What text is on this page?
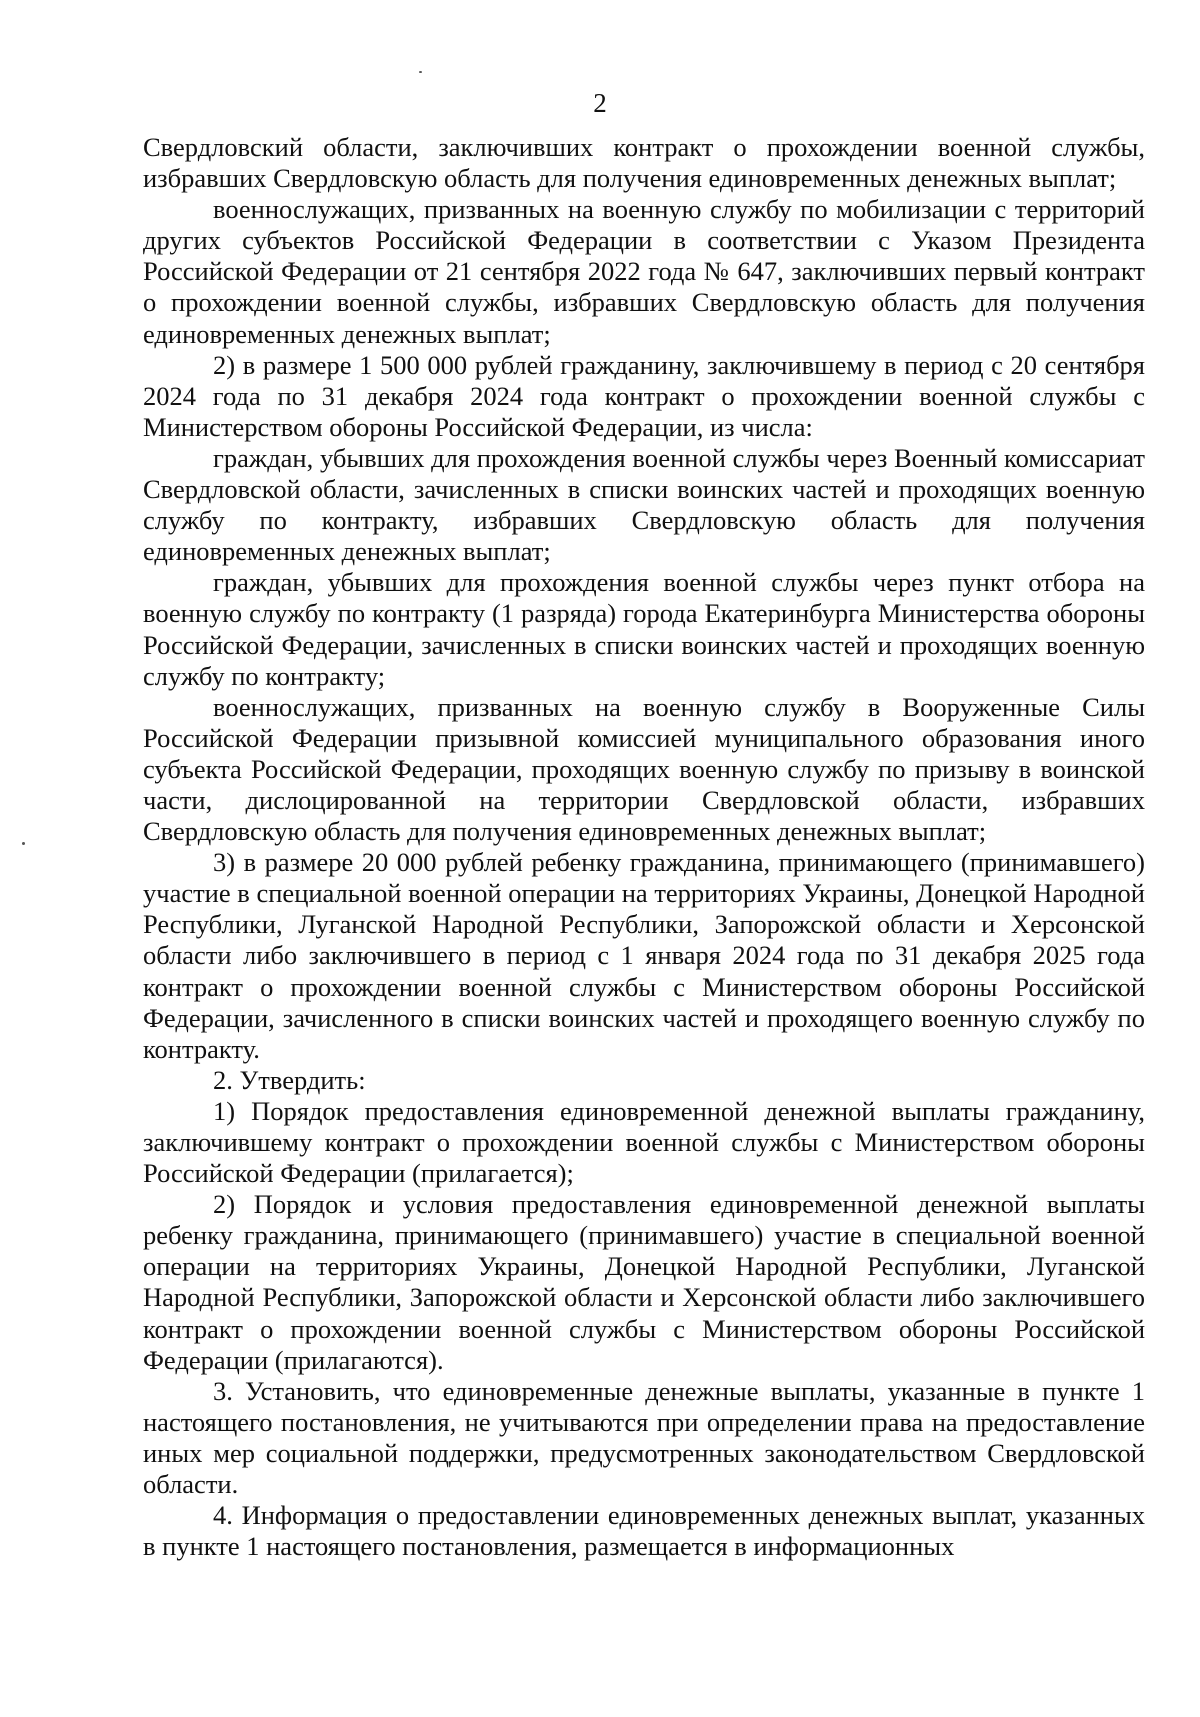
2

Свердловский области, заключивших контракт о прохождении военной службы, избравших Свердловскую область для получения единовременных денежных выплат;

военнослужащих, призванных на военную службу по мобилизации с территорий других субъектов Российской Федерации в соответствии с Указом Президента Российской Федерации от 21 сентября 2022 года № 647, заключивших первый контракт о прохождении военной службы, избравших Свердловскую область для получения единовременных денежных выплат;

2) в размере 1 500 000 рублей гражданину, заключившему в период с 20 сентября 2024 года по 31 декабря 2024 года контракт о прохождении военной службы с Министерством обороны Российской Федерации, из числа:

граждан, убывших для прохождения военной службы через Военный комиссариат Свердловской области, зачисленных в списки воинских частей и проходящих военную службу по контракту, избравших Свердловскую область для получения единовременных денежных выплат;

граждан, убывших для прохождения военной службы через пункт отбора на военную службу по контракту (1 разряда) города Екатеринбурга Министерства обороны Российской Федерации, зачисленных в списки воинских частей и проходящих военную службу по контракту;

военнослужащих, призванных на военную службу в Вооруженные Силы Российской Федерации призывной комиссией муниципального образования иного субъекта Российской Федерации, проходящих военную службу по призыву в воинской части, дислоцированной на территории Свердловской области, избравших Свердловскую область для получения единовременных денежных выплат;

3) в размере 20 000 рублей ребенку гражданина, принимающего (принимавшего) участие в специальной военной операции на территориях Украины, Донецкой Народной Республики, Луганской Народной Республики, Запорожской области и Херсонской области либо заключившего в период с 1 января 2024 года по 31 декабря 2025 года контракт о прохождении военной службы с Министерством обороны Российской Федерации, зачисленного в списки воинских частей и проходящего военную службу по контракту.

2. Утвердить:

1) Порядок предоставления единовременной денежной выплаты гражданину, заключившему контракт о прохождении военной службы с Министерством обороны Российской Федерации (прилагается);

2) Порядок и условия предоставления единовременной денежной выплаты ребенку гражданина, принимающего (принимавшего) участие в специальной военной операции на территориях Украины, Донецкой Народной Республики, Луганской Народной Республики, Запорожской области и Херсонской области либо заключившего контракт о прохождении военной службы с Министерством обороны Российской Федерации (прилагаются).

3. Установить, что единовременные денежные выплаты, указанные в пункте 1 настоящего постановления, не учитываются при определении права на предоставление иных мер социальной поддержки, предусмотренных законодательством Свердловской области.

4. Информация о предоставлении единовременных денежных выплат, указанных в пункте 1 настоящего постановления, размещается в информационных
